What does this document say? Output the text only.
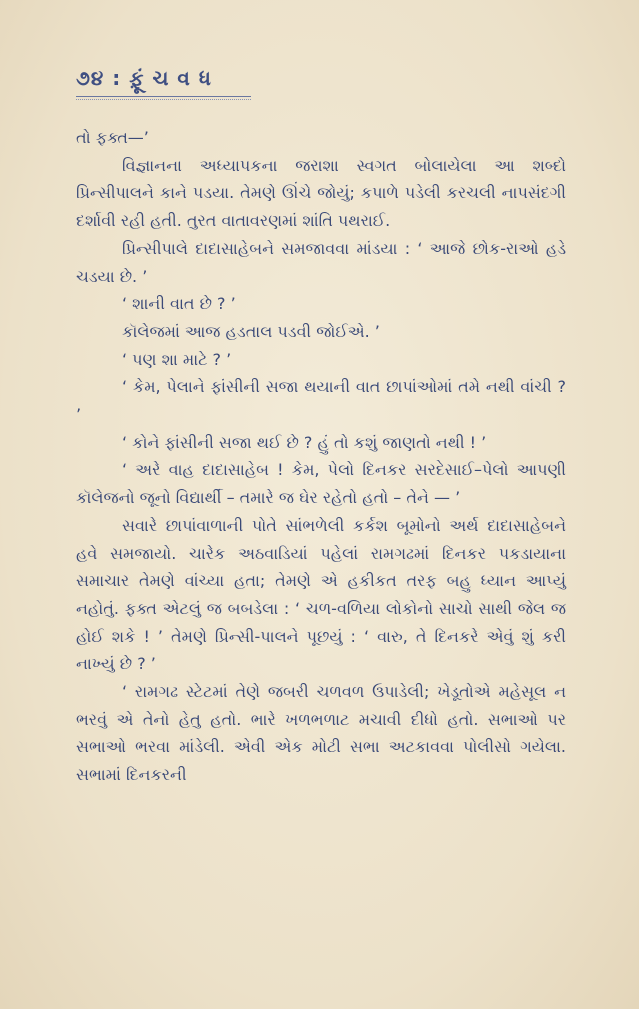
૭૪ : ફૂ઼ં ચ વ ધ

તો ફક્ત—’

વિજ્ઞાનના અધ્યાપકના જરાશા સ્વગત બોલાયેલા આ શબ્દો પ્રિન્સીપાલને કાને પડયા. તેમણે ઊંચે જોયું; કપાળે પડેલી કરચલી નાપસંદગી દર્શાવી રહી હતી. તુરત વાતાવરણમાં શાંતિ પથરાઈ.

પ્રિન્સીપાલે દાદાસાહેબને સમજાવવા માંડયા : ‘ આજે છોક-રાઓ હડે ચડયા છે. ’

‘ શાની વાત છે ? ’

કૉલેજમાં આજ હડતાલ પડવી જોઈએ. ’

‘ પણ શા માટે ? ’

‘ કેમ, પેલાને ફાંસીની સજા થયાની વાત છાપાંઓમાં તમે નથી વાંચી ? ’

‘ કોને ફાંસીની સજા થઈ છે ? હું તો કશું જાણતો નથી ! ’

‘ અરે વાહ દાદાસાહેબ ! કેમ, પેલો દિનકર સરદેસાઈ–પેલો આપણી કૉલેજનો જૂનો વિદ્યાર્થી – તમારે જ ઘેર રહેતો હતો – તેને — ’

સવારે છાપાંવાળાની પોતે સાંભળેલી કર્કશ બૂમોનો અર્થ દાદાસાહેબને હવે સમજાયો. ચારેક અઠવાડિયાં પહેલાં રામગઢમાં દિનકર પકડાયાના સમાચાર તેમણે વાંચ્યા હતા; તેમણે એ હકીકત તરફ બહુ ધ્યાન આપ્યું નહોતું. ફક્ત એટલું જ બબડેલા : ‘ ચળ-વળિયા લોકોનો સાચો સાથી જેલ જ હોઈ શકે ! ’ તેમણે પ્રિન્સી-પાલને પૂછયું : ‘ વારુ, તે દિનકરે એવું શું કરી નાખ્યું છે ? ’

‘ રામગઢ સ્ટેટમાં તેણે જબરી ચળવળ ઉપાડેલી; ખેડૂતોએ મહેસૂલ ન ભરવું એ તેનો હેતુ હતો. ભારે ખળભળાટ મચાવી દીધો હતો. સભાઓ પર સભાઓ ભરવા માંડેલી. એવી એક મોટી સભા અટકાવવા પોલીસો ગયેલા. સભામાં દિનકરની
